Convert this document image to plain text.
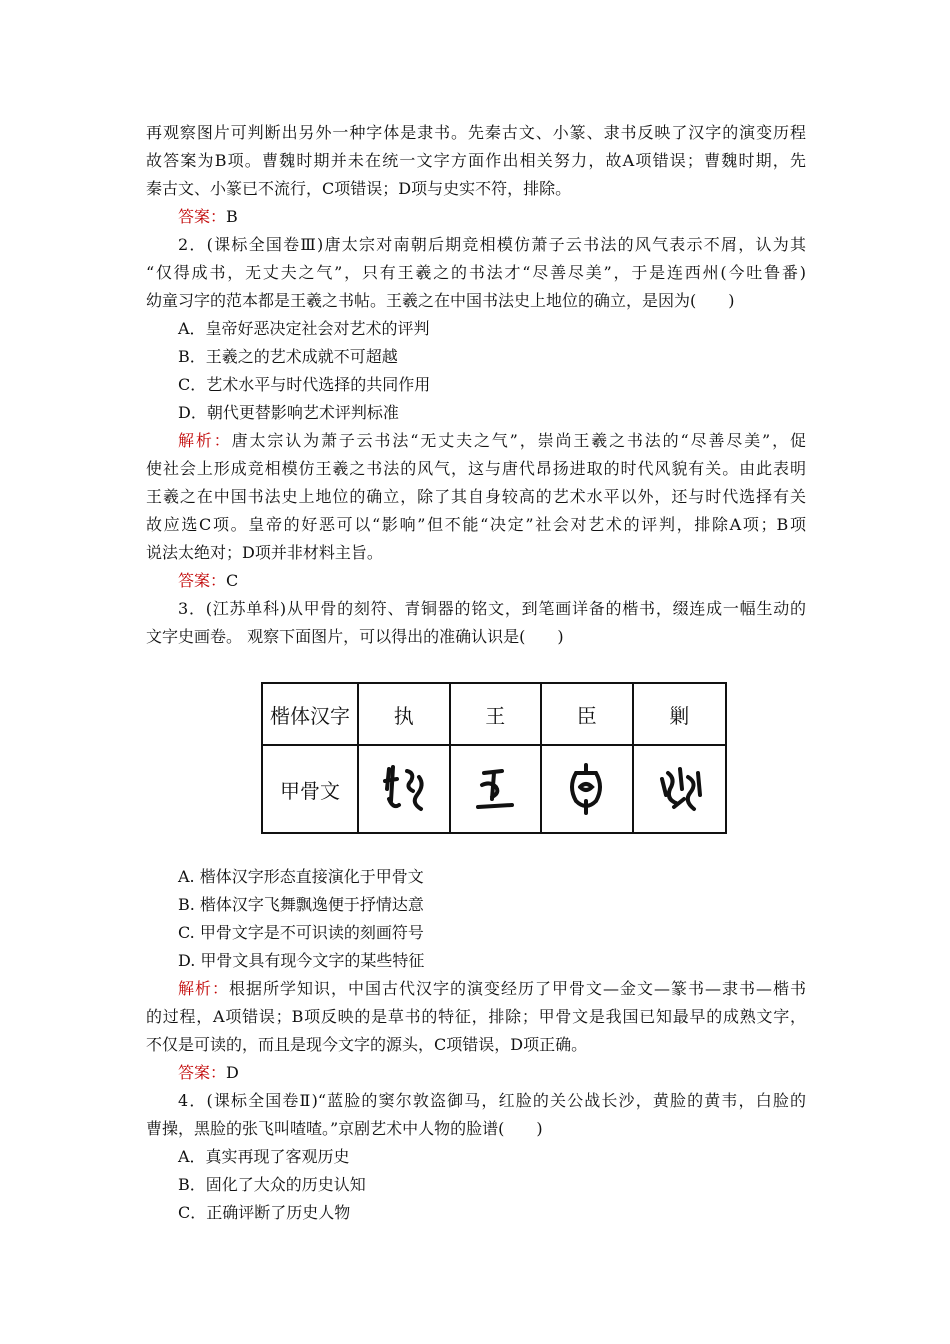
再观察图片可判断出另外一种字体是隶书。先秦古文、小篆、隶书反映了汉字的演变历程
故答案为B项。曹魏时期并未在统一文字方面作出相关努力，故A项错误；曹魏时期，先
秦古文、小篆已不流行，C项错误；D项与史实不符，排除。
答案：B
2．(课标全国卷Ⅲ)唐太宗对南朝后期竞相模仿萧子云书法的风气表示不屑，认为其
“仅得成书，无丈夫之气”，只有王羲之的书法才“尽善尽美”，于是连西州(今吐鲁番)
幼童习字的范本都是王羲之书帖。王羲之在中国书法史上地位的确立，是因为(　　)
A．皇帝好恶决定社会对艺术的评判
B．王羲之的艺术成就不可超越
C．艺术水平与时代选择的共同作用
D．朝代更替影响艺术评判标准
解析：唐太宗认为萧子云书法“无丈夫之气”，崇尚王羲之书法的“尽善尽美”，促
使社会上形成竞相模仿王羲之书法的风气，这与唐代昂扬进取的时代风貌有关。由此表明
王羲之在中国书法史上地位的确立，除了其自身较高的艺术水平以外，还与时代选择有关
故应选C项。皇帝的好恶可以“影响”但不能“决定”社会对艺术的评判，排除A项；B项
说法太绝对；D项并非材料主旨。
答案：C
3．(江苏单科)从甲骨的刻符、青铜器的铭文，到笔画详备的楷书，缀连成一幅生动的
文字史画卷。 观察下面图片，可以得出的准确认识是(　　)
楷体汉字	执	王	臣	剿
甲骨文
A. 楷体汉字形态直接演化于甲骨文
B. 楷体汉字飞舞飘逸便于抒情达意
C. 甲骨文字是不可识读的刻画符号
D. 甲骨文具有现今文字的某些特征
解析：根据所学知识，中国古代汉字的演变经历了甲骨文—金文—篆书—隶书—楷书
的过程，A项错误；B项反映的是草书的特征，排除；甲骨文是我国已知最早的成熟文字，
不仅是可读的，而且是现今文字的源头，C项错误，D项正确。
答案：D
4．(课标全国卷Ⅱ)“蓝脸的窦尔敦盗御马，红脸的关公战长沙，黄脸的黄韦，白脸的
曹操，黑脸的张飞叫喳喳。”京剧艺术中人物的脸谱(　　)
A．真实再现了客观历史
B．固化了大众的历史认知
C．正确评断了历史人物
